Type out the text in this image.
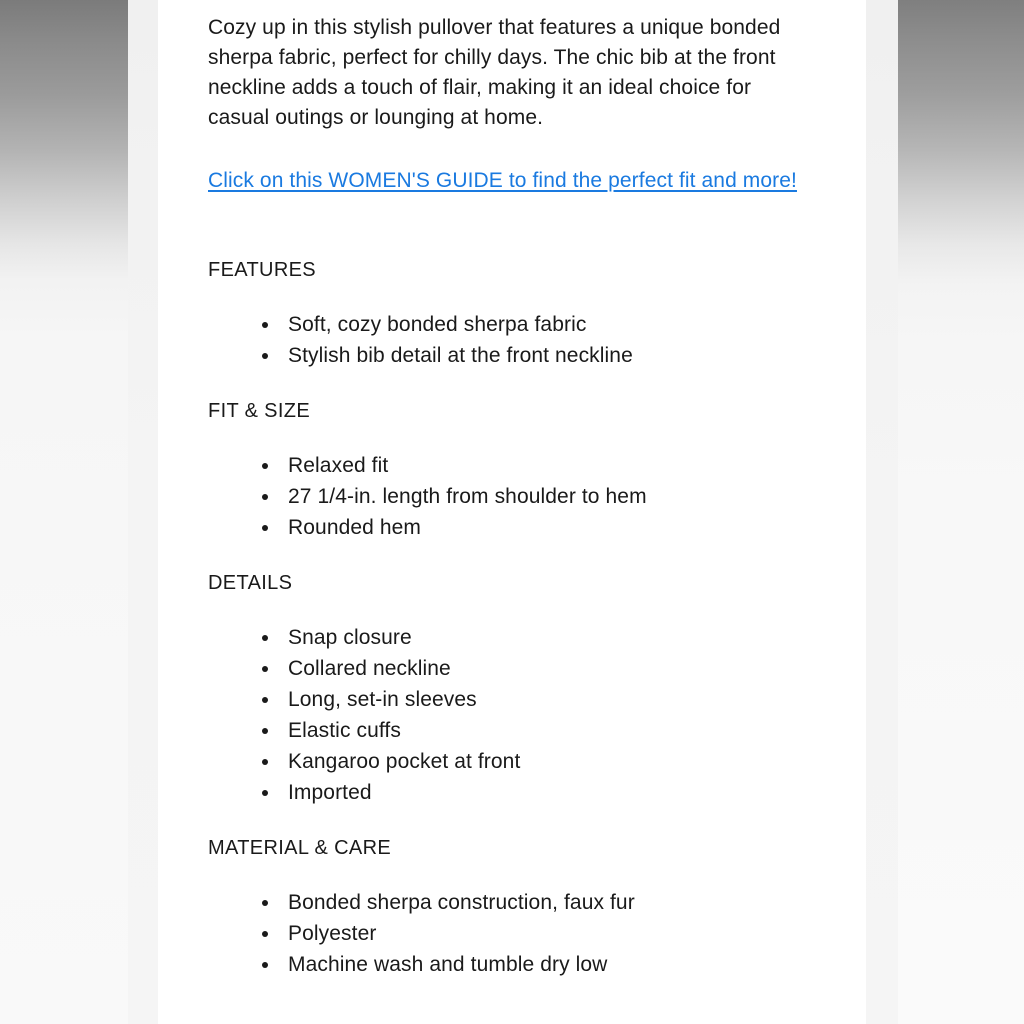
Cozy up in this stylish pullover that features a unique bonded sherpa fabric, perfect for chilly days. The chic bib at the front neckline adds a touch of flair, making it an ideal choice for casual outings or lounging at home.

Click on this WOMEN'S GUIDE to find the perfect fit and more!

FEATURES
Soft, cozy bonded sherpa fabric
Stylish bib detail at the front neckline
FIT & SIZE
Relaxed fit
27 1/4-in. length from shoulder to hem
Rounded hem
DETAILS
Snap closure
Collared neckline
Long, set-in sleeves
Elastic cuffs
Kangaroo pocket at front
Imported
MATERIAL & CARE
Bonded sherpa construction, faux fur
Polyester
Machine wash and tumble dry low
